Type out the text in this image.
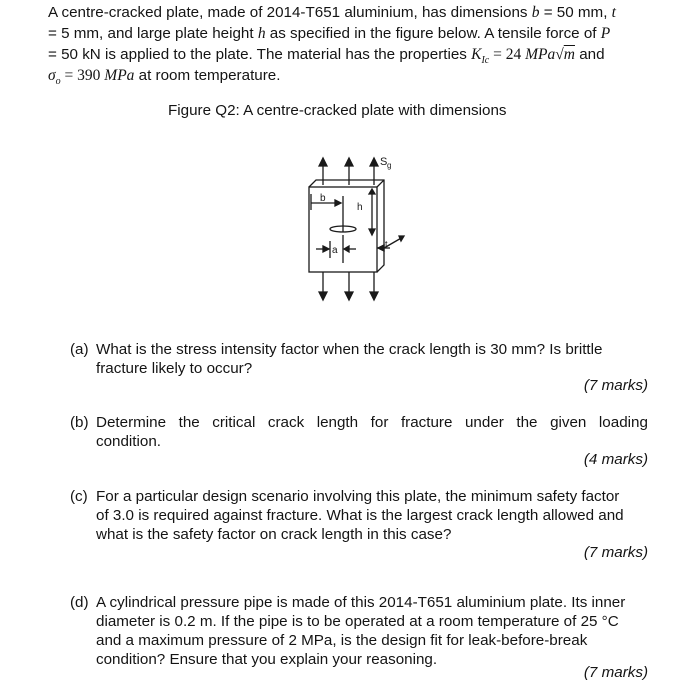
A centre-cracked plate, made of 2014-T651 aluminium, has dimensions b = 50 mm, t
= 5 mm, and large plate height h as specified in the figure below. A tensile force of P
= 50 kN is applied to the plate. The material has the properties $K_{Ic} = 24$ MPa√m and
$\sigma_o = 390$ MPa at room temperature.
Figure Q2: A centre-cracked plate with dimensions
b
h
a
t
S g
(a) What is the stress intensity factor when the crack length is 30 mm? Is brittle
fracture likely to occur?
(7 marks)
(b) Determine the critical crack length for fracture under the given loading
condition.
(4 marks)
(c) For a particular design scenario involving this plate, the minimum safety factor
of 3.0 is required against fracture. What is the largest crack length allowed and
what is the safety factor on crack length in this case?
(7 marks)
(d) A cylindrical pressure pipe is made of this 2014-T651 aluminium plate. Its inner
diameter is 0.2 m. If the pipe is to be operated at a room temperature of 25 °C
and a maximum pressure of 2 MPa, is the design fit for leak-before-break
condition? Ensure that you explain your reasoning.
(7 marks)
